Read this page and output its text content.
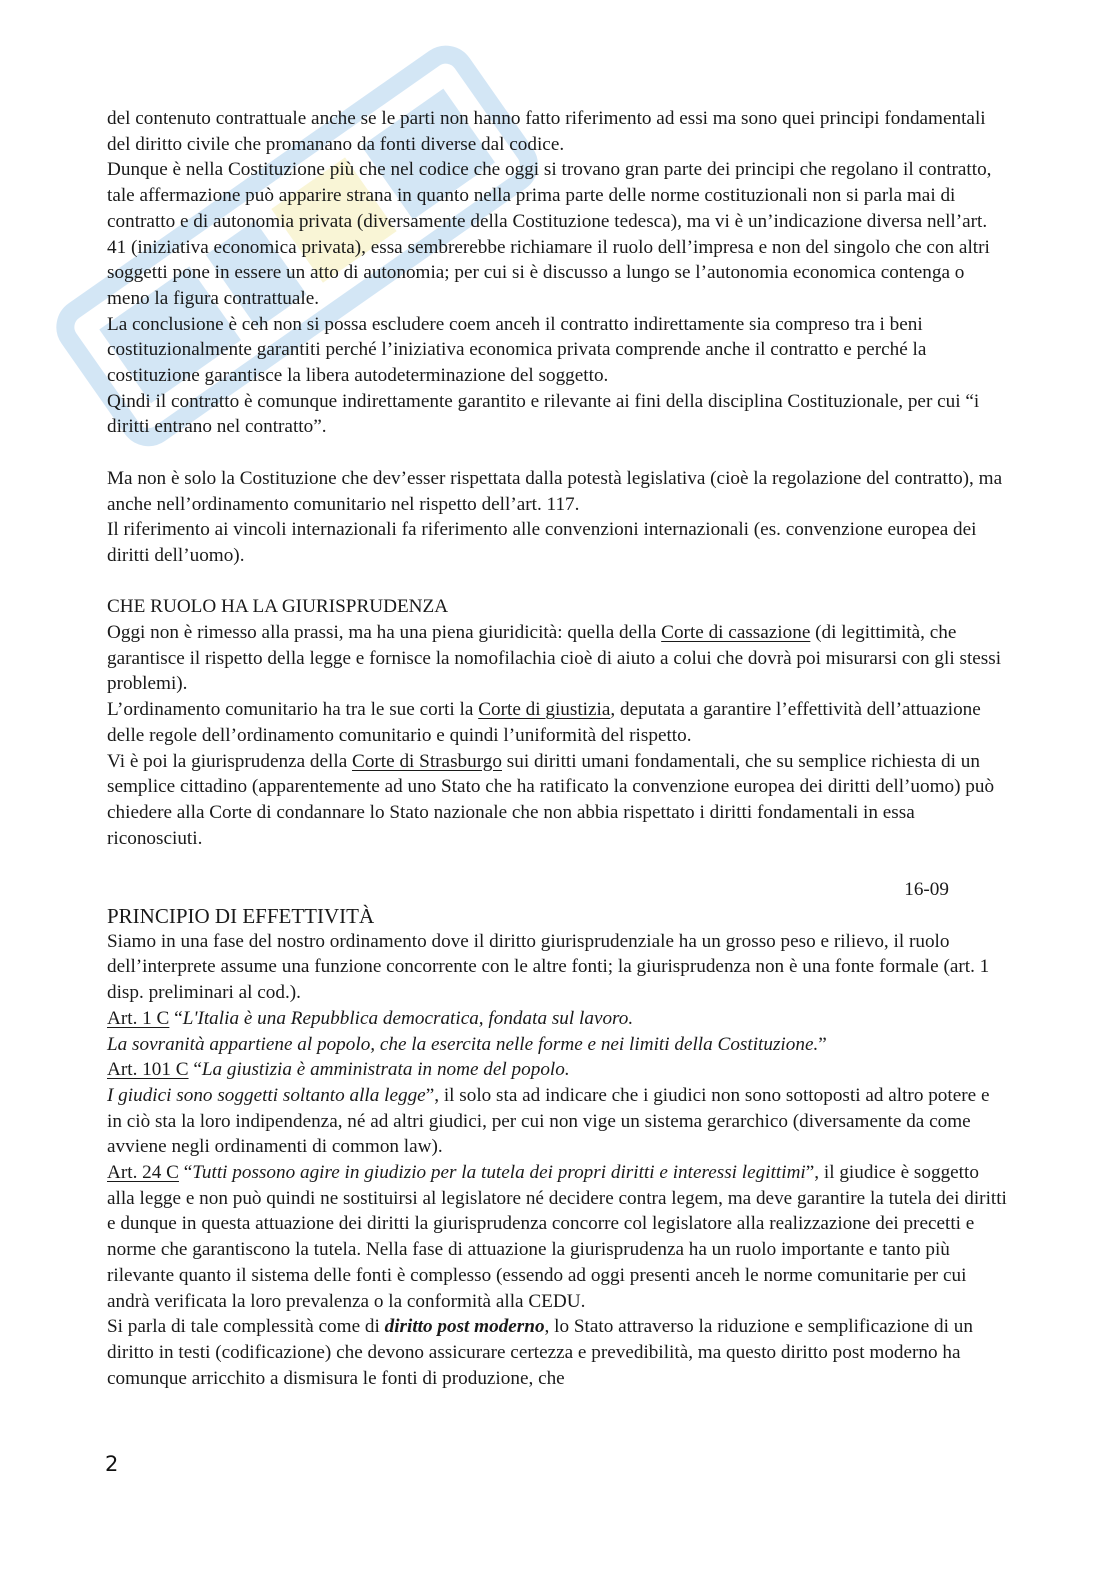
del contenuto contrattuale anche se le parti non hanno fatto riferimento ad essi ma sono quei principi fondamentali del diritto civile che promanano da fonti diverse dal codice.

Dunque è nella Costituzione più che nel codice che oggi si trovano gran parte dei principi che regolano il contratto, tale affermazione può apparire strana in quanto nella prima parte delle norme costituzionali non si parla mai di contratto e di autonomia privata (diversamente della Costituzione tedesca), ma vi è un’indicazione diversa nell’art. 41 (iniziativa economica privata), essa sembrerebbe richiamare il ruolo dell’impresa e non del singolo che con altri soggetti pone in essere un atto di autonomia; per cui si è discusso a lungo se l’autonomia economica contenga o meno la figura contrattuale.

La conclusione è ceh non si possa escludere coem anceh il contratto indirettamente sia compreso tra i beni costituzionalmente garantiti perché l’iniziativa economica privata comprende anche il contratto e perché la costituzione garantisce la libera autodeterminazione del soggetto.

Qindi il contratto è comunque indirettamente garantito e rilevante ai fini della disciplina Costituzionale, per cui “i diritti entrano nel contratto”.

Ma non è solo la Costituzione che dev’esser rispettata dalla potestà legislativa (cioè la regolazione del contratto), ma anche nell’ordinamento comunitario nel rispetto dell’art. 117.

Il riferimento ai vincoli internazionali fa riferimento alle convenzioni internazionali (es. convenzione europea dei diritti dell’uomo).

CHE RUOLO HA LA GIURISPRUDENZA

Oggi non è rimesso alla prassi, ma ha una piena giuridicità: quella della Corte di cassazione (di legittimità, che garantisce il rispetto della legge e fornisce la nomofilachia cioè di aiuto a colui che dovrà poi misurarsi con gli stessi problemi).

L’ordinamento comunitario ha tra le sue corti la Corte di giustizia, deputata a garantire l’effettività dell’attuazione delle regole dell’ordinamento comunitario e quindi l’uniformità del rispetto.

Vi è poi la giurisprudenza della Corte di Strasburgo sui diritti umani fondamentali, che su semplice richiesta di un semplice cittadino (apparentemente ad uno Stato che ha ratificato la convenzione europea dei diritti dell’uomo) può chiedere alla Corte di condannare lo Stato nazionale che non abbia rispettato i diritti fondamentali in essa riconosciuti.

16-09

PRINCIPIO DI EFFETTIVITÀ

Siamo in una fase del nostro ordinamento dove il diritto giurisprudenziale ha un grosso peso e rilievo, il ruolo dell’interprete assume una funzione concorrente con le altre fonti; la giurisprudenza non è una fonte formale (art. 1 disp. preliminari al cod.).

Art. 1 C “L'Italia è una Repubblica democratica, fondata sul lavoro.

La sovranità appartiene al popolo, che la esercita nelle forme e nei limiti della Costituzione.”

Art. 101 C “La giustizia è amministrata in nome del popolo.

I giudici sono soggetti soltanto alla legge”, il solo sta ad indicare che i giudici non sono sottoposti ad altro potere e in ciò sta la loro indipendenza, né ad altri giudici, per cui non vige un sistema gerarchico (diversamente da come avviene negli ordinamenti di common law).

Art. 24 C “Tutti possono agire in giudizio per la tutela dei propri diritti e interessi legittimi”, il giudice è soggetto alla legge e non può quindi ne sostituirsi al legislatore né decidere contra legem, ma deve garantire la tutela dei diritti e dunque in questa attuazione dei diritti la giurisprudenza concorre col legislatore alla realizzazione dei precetti e norme che garantiscono la tutela. Nella fase di attuazione la giurisprudenza ha un ruolo importante e tanto più rilevante quanto il sistema delle fonti è complesso (essendo ad oggi presenti anceh le norme comunitarie per cui andrà verificata la loro prevalenza o la conformità alla CEDU.

Si parla di tale complessità come di diritto post moderno, lo Stato attraverso la riduzione e semplificazione di un diritto in testi (codificazione) che devono assicurare certezza e prevedibilità, ma questo diritto post moderno ha comunque arricchito a dismisura le fonti di produzione, che

2
